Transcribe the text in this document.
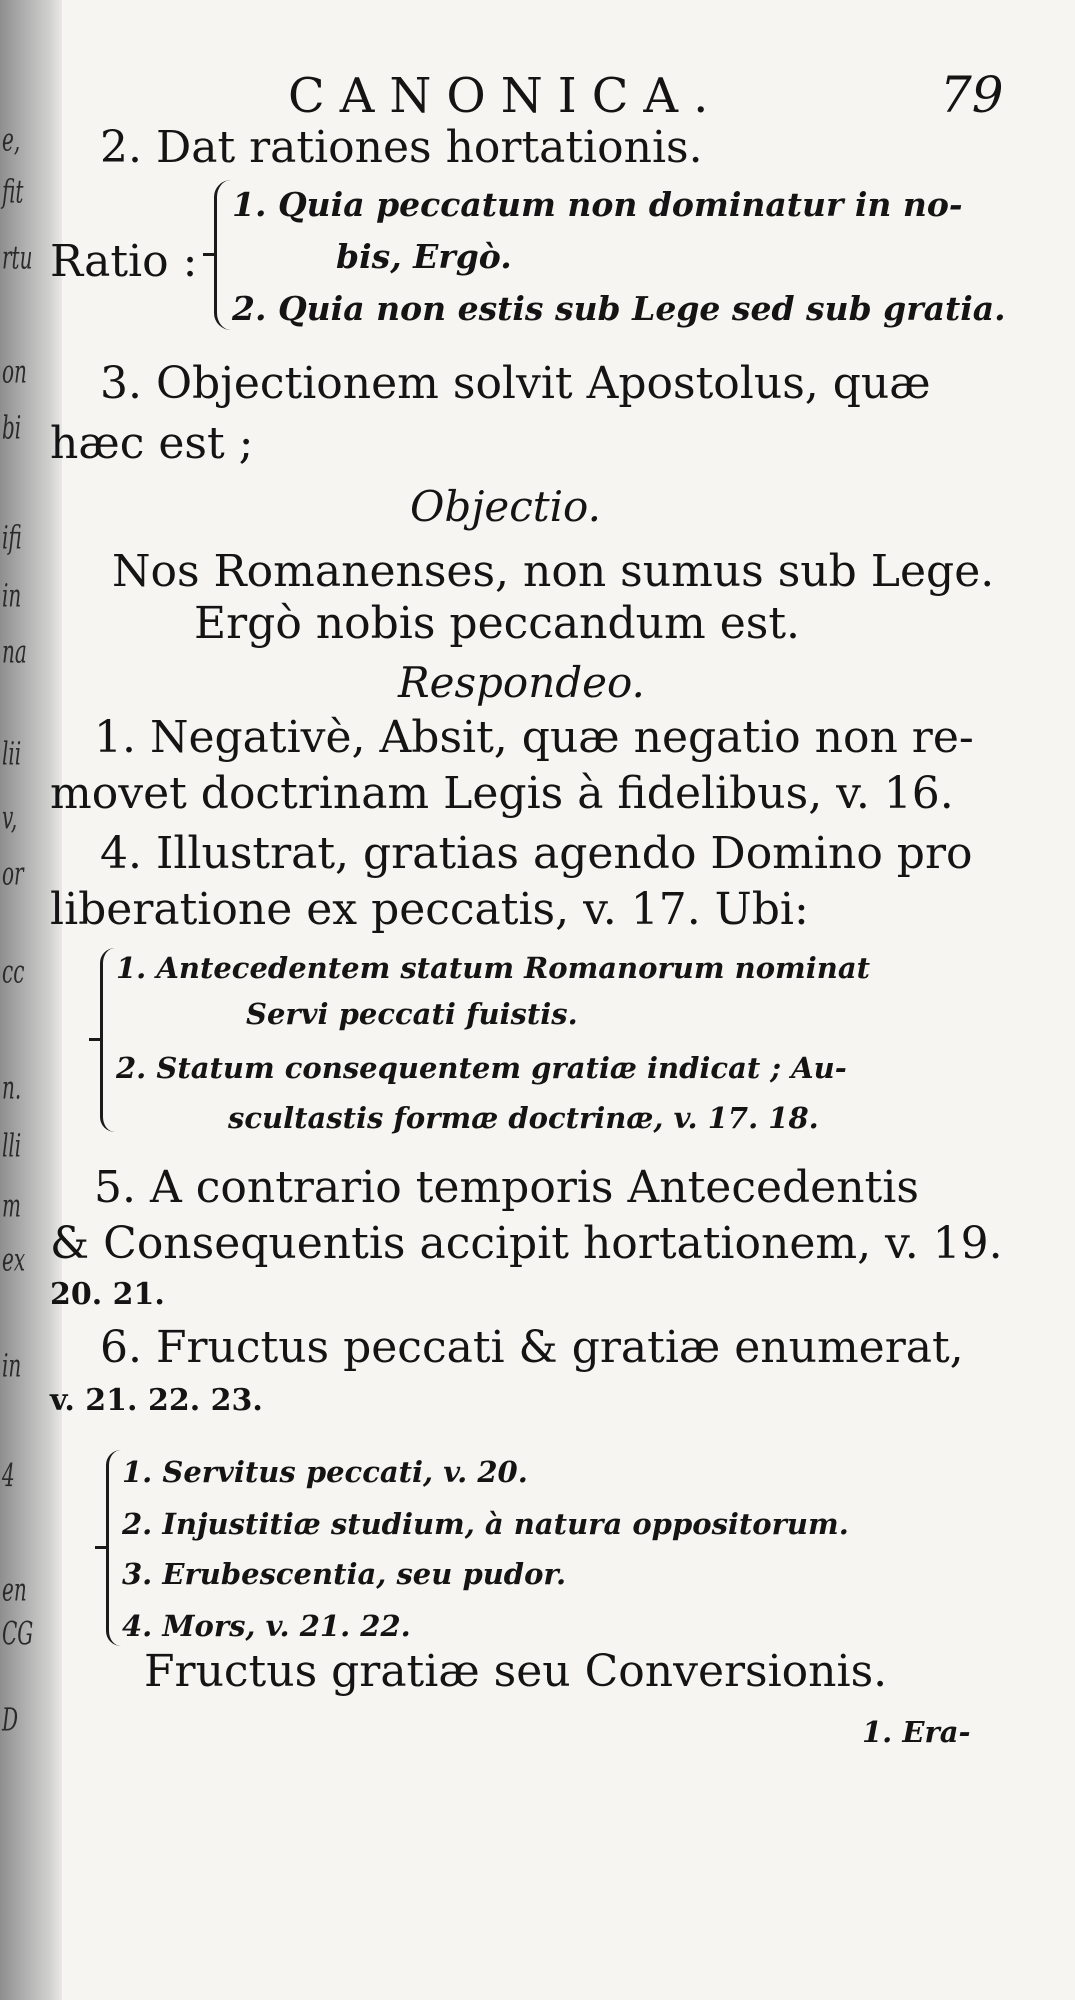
e,
fit
rtu
on
bi
ifi
in
na
lii
v,
or
cc
n.
lli
m
ex
in
4
en
CG
D
CANONICA.	79
2. Dat rationes hortationis.
Ratio :
1. Quia peccatum non dominatur in no-
bis, Ergò.
2. Quia non estis sub Lege sed sub gratia.
3. Objectionem solvit Apostolus, quæ
hæc est ;
Objectio.
Nos Romanenses, non sumus sub Lege.
Ergò nobis peccandum est.
Respondeo.
1. Negativè, Absit, quæ negatio non re-
movet doctrinam Legis à fidelibus, v. 16.
4. Illustrat, gratias agendo Domino pro
liberatione ex peccatis, v. 17. Ubi:
1. Antecedentem statum Romanorum nominat
Servi peccati fuistis.
2. Statum consequentem gratiæ indicat ; Au-
scultastis formæ doctrinæ, v. 17. 18.
5. A contrario temporis Antecedentis
& Consequentis accipit hortationem, v. 19.
20. 21.
6. Fructus peccati & gratiæ enumerat,
v. 21. 22. 23.
1. Servitus peccati, v. 20.
2. Injustitiæ studium, à natura oppositorum.
3. Erubescentia, seu pudor.
4. Mors, v. 21. 22.
Fructus gratiæ seu Conversionis.
1. Era-
